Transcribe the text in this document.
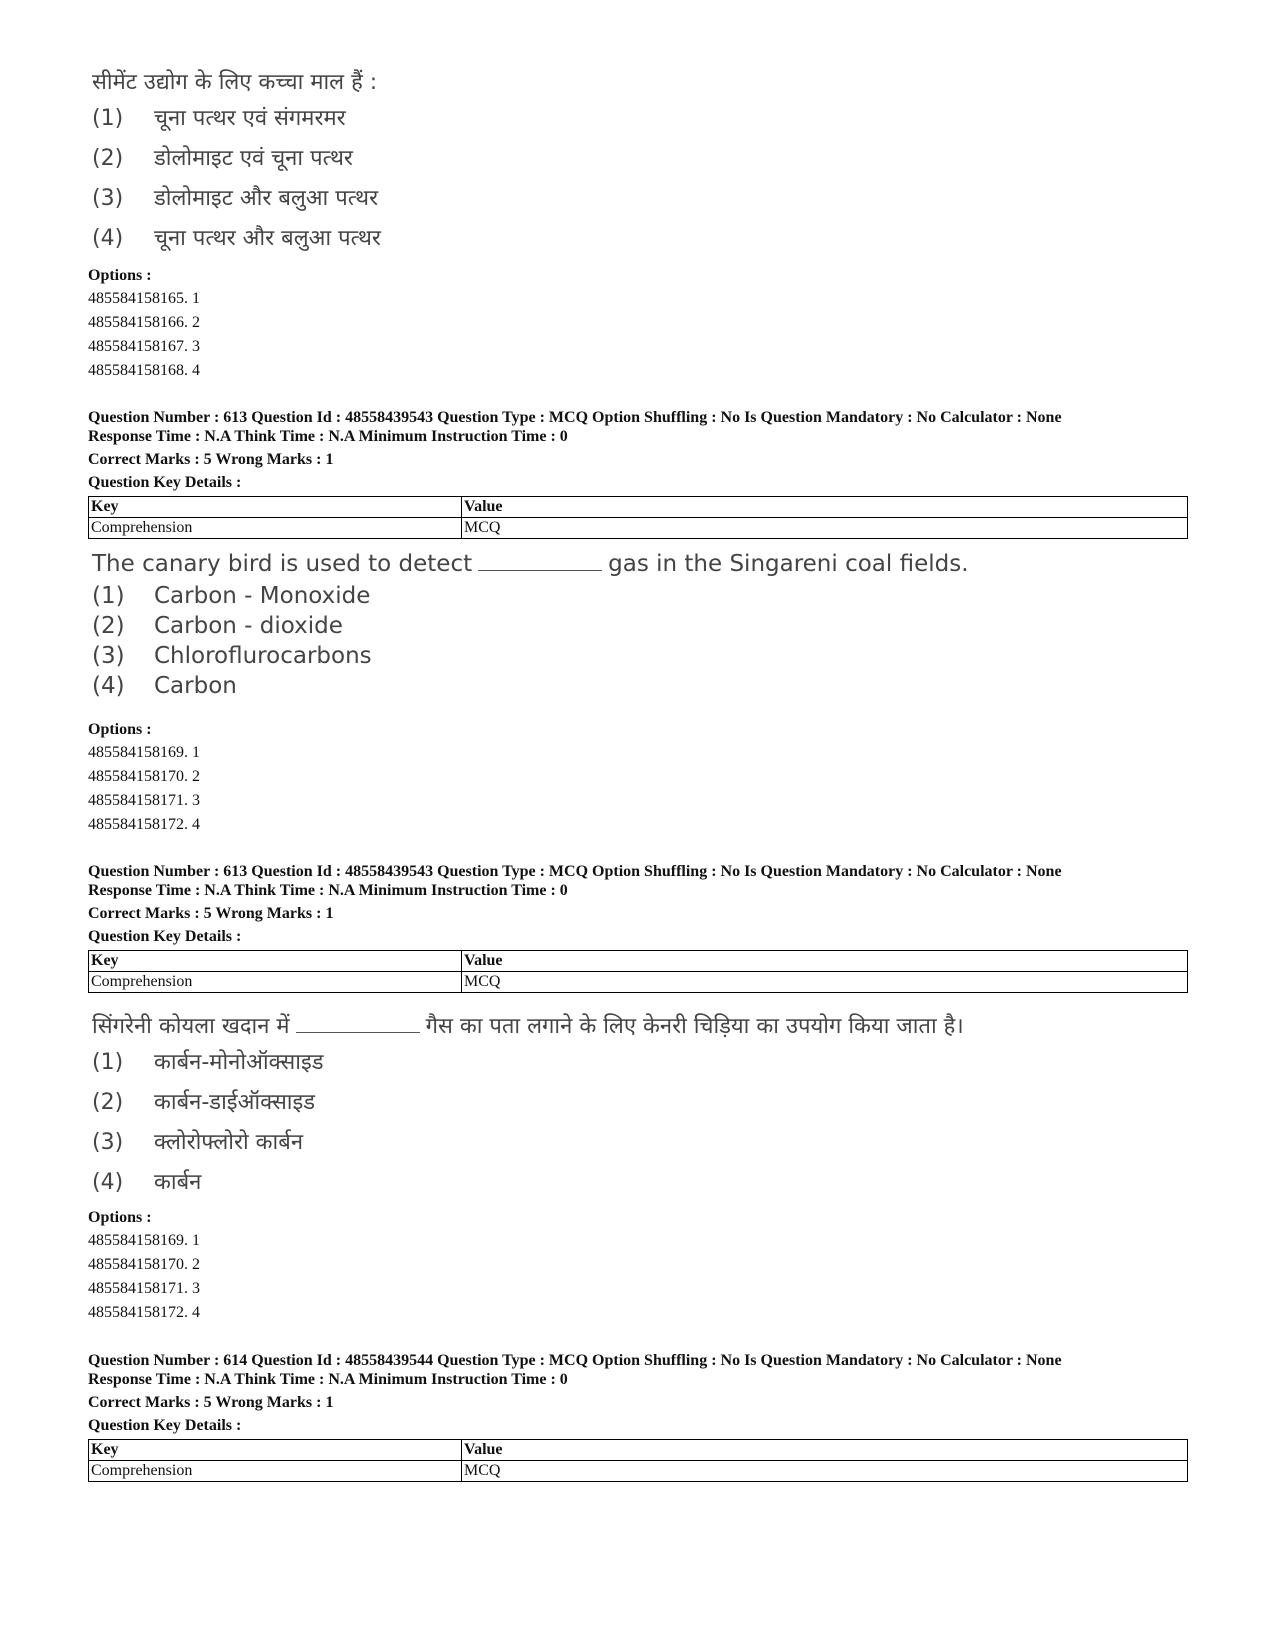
सीमेंट उद्योग के लिए कच्चा माल हैं :
(1)	चूना पत्थर एवं संगमरमर
(2)	डोलोमाइट एवं चूना पत्थर
(3)	डोलोमाइट और बलुआ पत्थर
(4)	चूना पत्थर और बलुआ पत्थर
Options :
485584158165. 1
485584158166. 2
485584158167. 3
485584158168. 4
Question Number : 613 Question Id : 48558439543 Question Type : MCQ Option Shuffling : No Is Question Mandatory : No Calculator : None
Response Time : N.A Think Time : N.A Minimum Instruction Time : 0
Correct Marks : 5 Wrong Marks : 1
Question Key Details :
Key	Value
Comprehension	MCQ
The canary bird is used to detect	gas in the Singareni coal fields.
(1)	Carbon - Monoxide
(2)	Carbon - dioxide
(3)	Chloroflurocarbons
(4)	Carbon
Options :
485584158169. 1
485584158170. 2
485584158171. 3
485584158172. 4
Question Number : 613 Question Id : 48558439543 Question Type : MCQ Option Shuffling : No Is Question Mandatory : No Calculator : None
Response Time : N.A Think Time : N.A Minimum Instruction Time : 0
Correct Marks : 5 Wrong Marks : 1
Question Key Details :
Key	Value
Comprehension	MCQ
सिंगरेनी कोयला खदान में	गैस का पता लगाने के लिए केनरी चिड़िया का उपयोग किया जाता है।
(1)	कार्बन-मोनोऑक्साइड
(2)	कार्बन-डाईऑक्साइड
(3)	क्लोरोफ्लोरो कार्बन
(4)	कार्बन
Options :
485584158169. 1
485584158170. 2
485584158171. 3
485584158172. 4
Question Number : 614 Question Id : 48558439544 Question Type : MCQ Option Shuffling : No Is Question Mandatory : No Calculator : None
Response Time : N.A Think Time : N.A Minimum Instruction Time : 0
Correct Marks : 5 Wrong Marks : 1
Question Key Details :
Key	Value
Comprehension	MCQ
